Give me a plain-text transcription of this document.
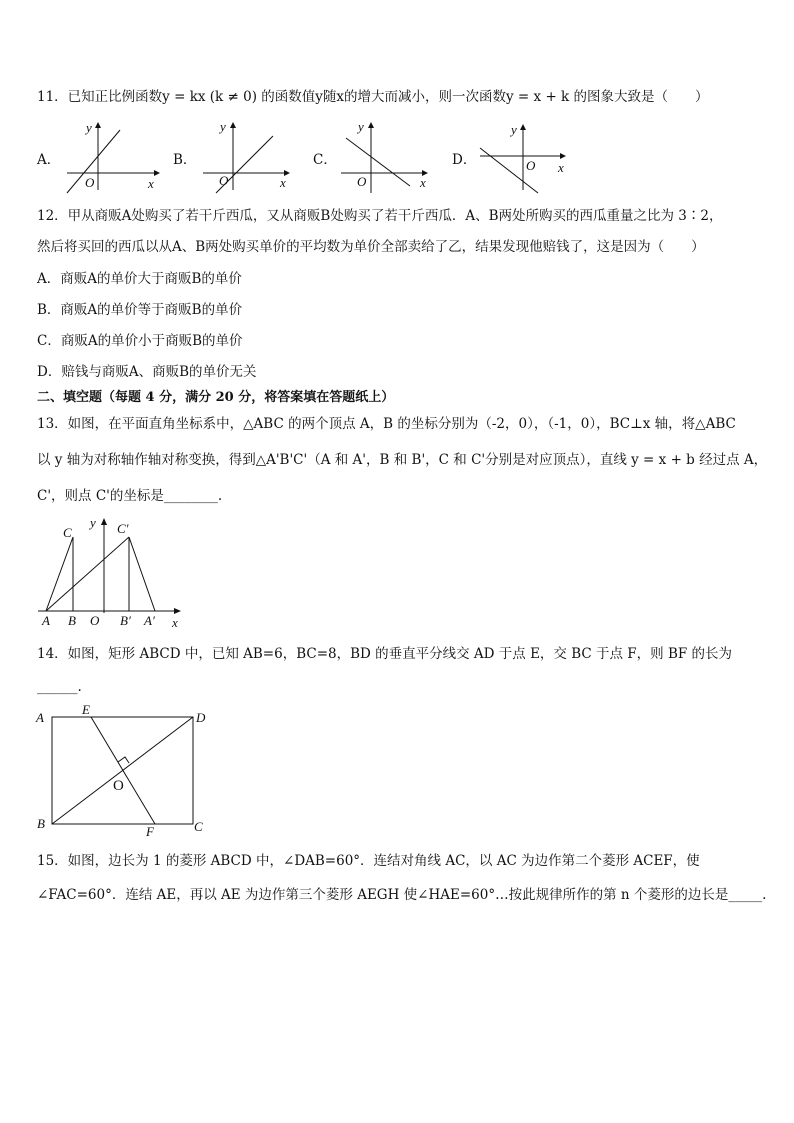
11．已知正比例函数y = kx (k ≠ 0) 的函数值y随x的增大而减小，则一次函数y = x + k 的图象大致是（　　）
A．
y
x
O
B．
y
x
O
C．
y
x
O
D．
y
x
O
12．甲从商贩A处购买了若干斤西瓜，又从商贩B处购买了若干斤西瓜．A、B两处所购买的西瓜重量之比为 3∶2，
然后将买回的西瓜以从A、B两处购买单价的平均数为单价全部卖给了乙，结果发现他赔钱了，这是因为（　　）
A．商贩A的单价大于商贩B的单价
B．商贩A的单价等于商贩B的单价
C．商贩A的单价小于商贩B的单价
D．赔钱与商贩A、商贩B的单价无关
二、填空题（每题 4 分，满分 20 分，将答案填在答题纸上）
13．如图，在平面直角坐标系中，△ABC 的两个顶点 A，B 的坐标分别为（-2，0），（-1，0），BC⊥x 轴，将△ABC
以 y 轴为对称轴作轴对称变换，得到△A'B'C'（A 和 A'，B 和 B'，C 和 C'分别是对应顶点），直线 y = x + b 经过点 A，
C'，则点 C'的坐标是________.
C	C′
y
A B O B′ A′ x
14．如图，矩形 ABCD 中，已知 AB=6，BC=8，BD 的垂直平分线交 AD 于点 E，交 BC 于点 F，则 BF 的长为
______.
A
E
D
O
B
F	C
15．如图，边长为 1 的菱形 ABCD 中，∠DAB=60°．连结对角线 AC，以 AC 为边作第二个菱形 ACEF，使
∠FAC=60°．连结 AE，再以 AE 为边作第三个菱形 AEGH 使∠HAE=60°…按此规律所作的第 n 个菱形的边长是_____.
